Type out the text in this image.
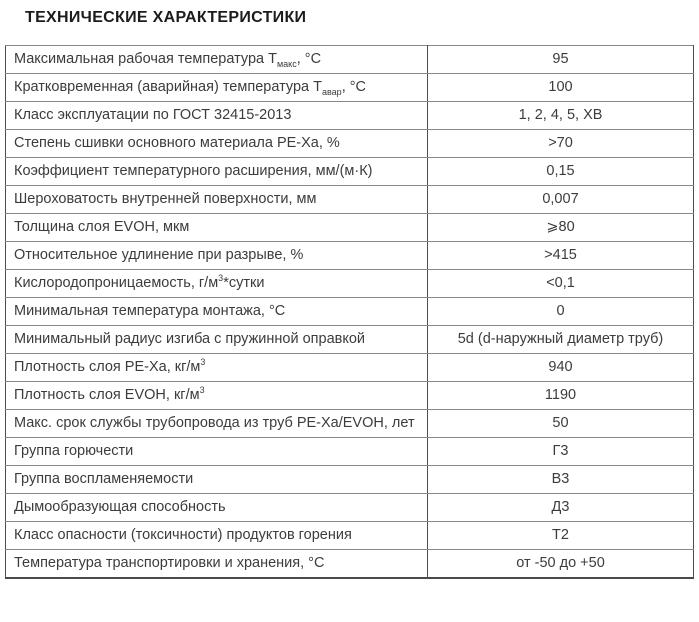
ТЕХНИЧЕСКИЕ ХАРАКТЕРИСТИКИ
Максимальная рабочая температура $Т_{макс}$, °С	95
Кратковременная (аварийная) температура $Т_{авар}$, °С	100
Класс эксплуатации по ГОСТ 32415-2013	1, 2, 4, 5, ХВ
Степень сшивки основного материала PE-Xa, %	>70
Коэффициент температурного расширения, мм/(м·К)	0,15
Шероховатость внутренней поверхности, мм	0,007
Толщина слоя EVOH, мкм	⩾80
Относительное удлинение при разрыве, %	>415
Кислородопроницаемость, $г/м^3*сутки$	<0,1
Минимальная температура монтажа, °С	0
Минимальный радиус изгиба с пружинной оправкой	5d (d-наружный диаметр труб)
Плотность слоя PE-Xa, $кг/м^3$	940
Плотность слоя EVOH, $кг/м^3$	1190
Макс. срок службы трубопровода из труб PE-Xa/EVOH, лет	50
Группа горючести	Г3
Группа воспламеняемости	В3
Дымообразующая способность	Д3
Класс опасности (токсичности) продуктов горения	Т2
Температура транспортировки и хранения, °С	от -50 до +50
